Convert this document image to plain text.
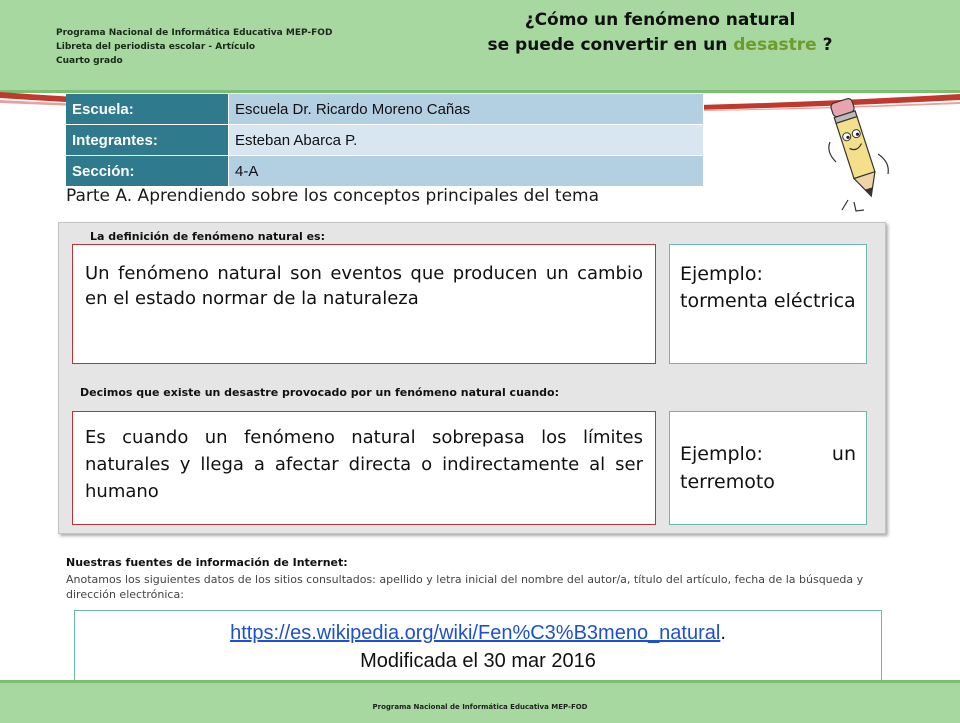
Programa Nacional de Informática Educativa MEP-FOD
Libreta del periodista escolar - Artículo
Cuarto grado
¿Cómo un fenómeno natural
se puede convertir en un desastre ?
Escuela:	Escuela Dr. Ricardo Moreno Cañas
Integrantes:	Esteban Abarca P.
Sección:	4-A
Parte A. Aprendiendo sobre los conceptos principales del tema
La definición de fenómeno natural es:
Un fenómeno natural son eventos que producen un cambio en el estado normar de la naturaleza
Ejemplo: tormenta eléctrica
Decimos que existe un desastre provocado por un fenómeno natural cuando:
Es cuando un fenómeno natural sobrepasa los límites naturales y llega a afectar directa o indirectamente al ser humano
Ejemplo: un terremoto
Nuestras fuentes de información de Internet:
Anotamos los siguientes datos de los sitios consultados: apellido y letra inicial del nombre del autor/a, título del artículo, fecha de la búsqueda y dirección electrónica:
https://es.wikipedia.org/wiki/Fen%C3%B3meno_natural.
Modificada el 30 mar 2016
Programa Nacional de Informática Educativa MEP-FOD
